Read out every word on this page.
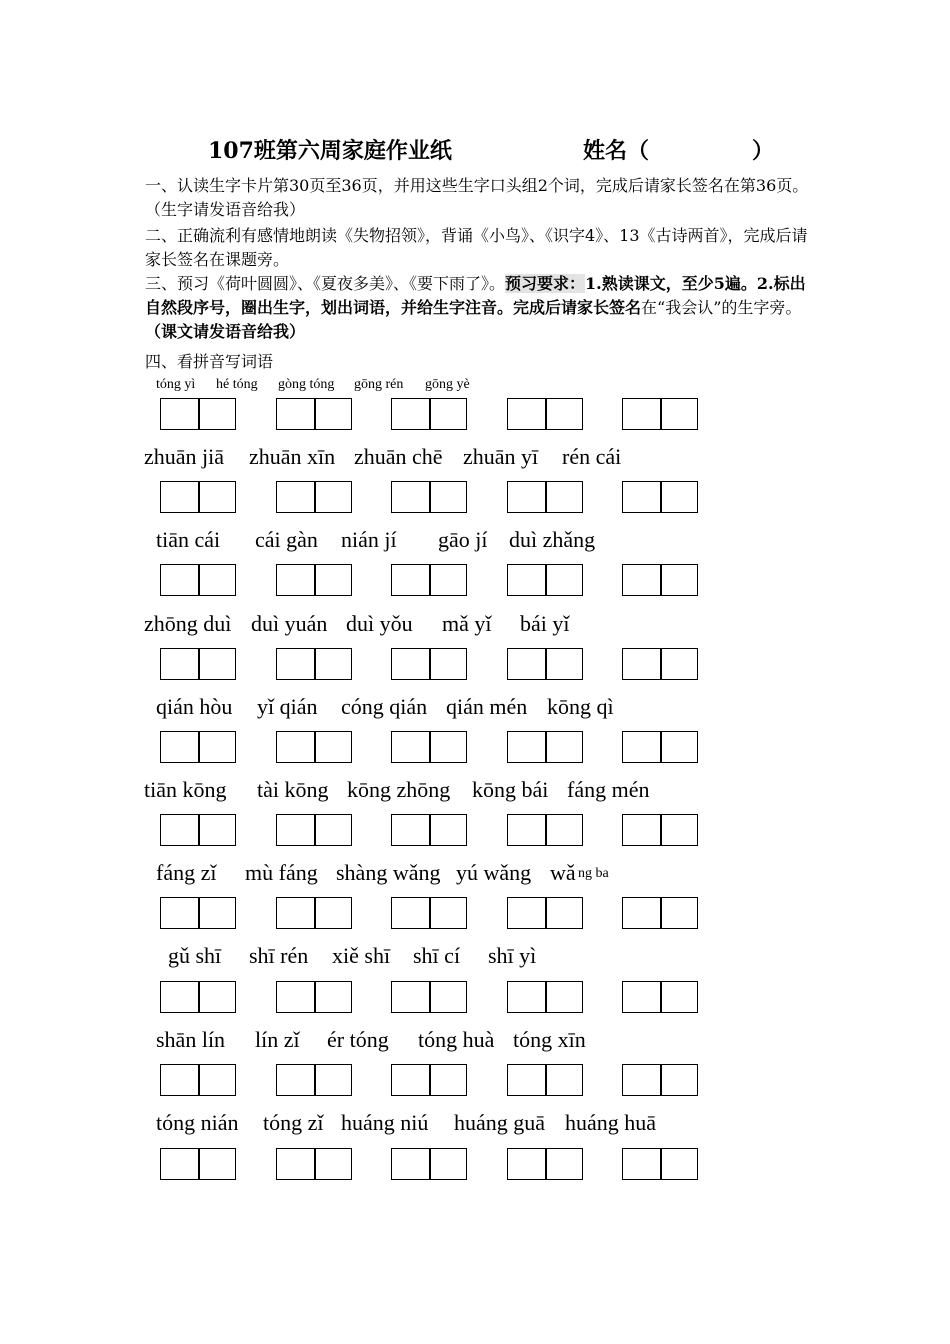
107班第六周家庭作业纸	姓名（	）
一、认读生字卡片第30页至36页，并用这些生字口头组2个词，完成后请家长签名在第36页。（生字请发语音给我）
二、正确流利有感情地朗读《失物招领》，背诵《小鸟》、《识字4》、13《古诗两首》，完成后请家长签名在课题旁。
三、预习《荷叶圆圆》、《夏夜多美》、《要下雨了》。预习要求：1.熟读课文，至少5遍。2.标出自然段序号，圈出生字，划出词语，并给生字注音。完成后请家长签名在“我会认”的生字旁。（课文请发语音给我）
四、看拼音写词语
tóng yì hé tóng gòng tóng gōng rén gōng yè
zhuān jiā zhuān xīn zhuān chē zhuān yī rén cái
tiān cái cái gàn nián jí gāo jí duì zhǎng
zhōng duì duì yuán duì yǒu mǎ yǐ bái yǐ
qián hòu yǐ qián cóng qián qián mén kōng qì
tiān kōng tài kōng kōng zhōng kōng bái fáng mén
fáng zǐ mù fáng shàng wǎng yú wǎng wǎ ng ba
gǔ shī shī rén xiě shī shī cí shī yì
shān lín lín zǐ ér tóng tóng huà tóng xīn
tóng nián tóng zǐ huáng niú huáng guā huáng huā
